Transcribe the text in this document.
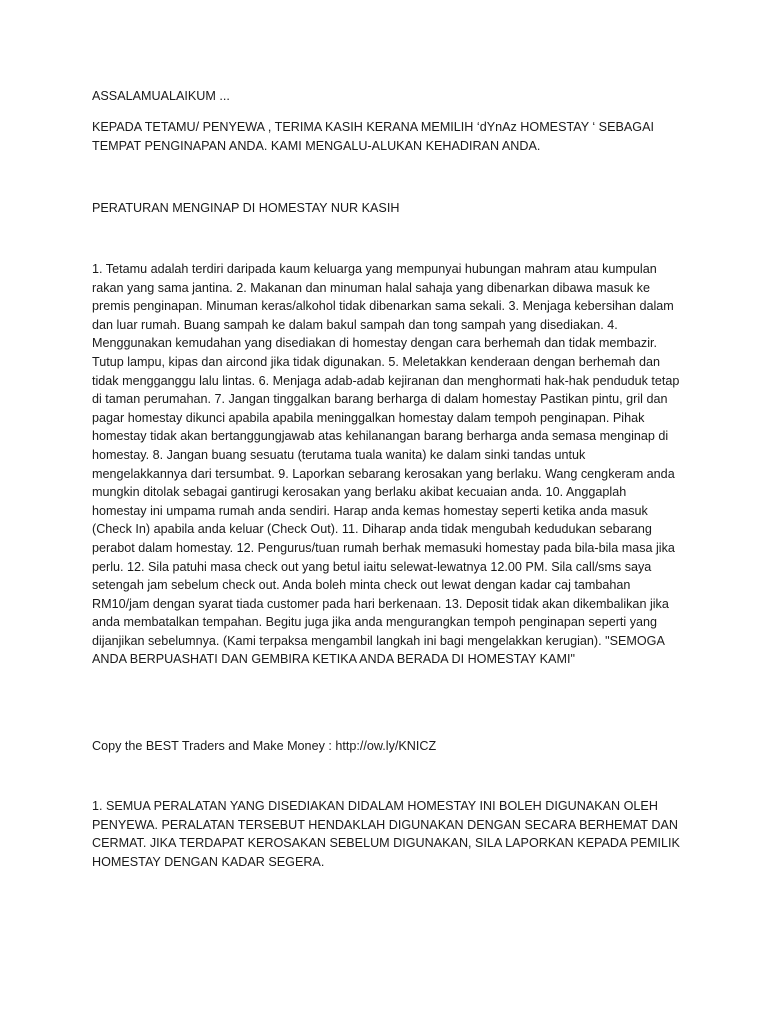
ASSALAMUALAIKUM ...

KEPADA TETAMU/ PENYEWA , TERIMA KASIH KERANA MEMILIH ‘dYnAz HOMESTAY ‘ SEBAGAI TEMPAT PENGINAPAN ANDA. KAMI MENGALU-ALUKAN KEHADIRAN ANDA.

PERATURAN MENGINAP DI HOMESTAY NUR KASIH

1. Tetamu adalah terdiri daripada kaum keluarga yang mempunyai hubungan mahram atau kumpulan rakan yang sama jantina. 2. Makanan dan minuman halal sahaja yang dibenarkan dibawa masuk ke premis penginapan. Minuman keras/alkohol tidak dibenarkan sama sekali. 3. Menjaga kebersihan dalam dan luar rumah. Buang sampah ke dalam bakul sampah dan tong sampah yang disediakan. 4. Menggunakan kemudahan yang disediakan di homestay dengan cara berhemah dan tidak membazir. Tutup lampu, kipas dan aircond jika tidak digunakan. 5. Meletakkan kenderaan dengan berhemah dan tidak mengganggu lalu lintas. 6. Menjaga adab-adab kejiranan dan menghormati hak-hak penduduk tetap di taman perumahan. 7. Jangan tinggalkan barang berharga di dalam homestay Pastikan pintu, gril dan pagar homestay dikunci apabila apabila meninggalkan homestay dalam tempoh penginapan. Pihak homestay tidak akan bertanggungjawab atas kehilanangan barang berharga anda semasa menginap di homestay. 8. Jangan buang sesuatu (terutama tuala wanita) ke dalam sinki tandas untuk mengelakkannya dari tersumbat. 9. Laporkan sebarang kerosakan yang berlaku. Wang cengkeram anda mungkin ditolak sebagai gantirugi kerosakan yang berlaku akibat kecuaian anda. 10. Anggaplah homestay ini umpama rumah anda sendiri. Harap anda kemas homestay seperti ketika anda masuk (Check In) apabila anda keluar (Check Out). 11. Diharap anda tidak mengubah kedudukan sebarang perabot dalam homestay. 12. Pengurus/tuan rumah berhak memasuki homestay pada bila-bila masa jika perlu. 12. Sila patuhi masa check out yang betul iaitu selewat-lewatnya 12.00 PM. Sila call/sms saya setengah jam sebelum check out. Anda boleh minta check out lewat dengan kadar caj tambahan RM10/jam dengan syarat tiada customer pada hari berkenaan. 13. Deposit tidak akan dikembalikan jika anda membatalkan tempahan. Begitu juga jika anda mengurangkan tempoh penginapan seperti yang dijanjikan sebelumnya. (Kami terpaksa mengambil langkah ini bagi mengelakkan kerugian). "SEMOGA ANDA BERPUASHATI DAN GEMBIRA KETIKA ANDA BERADA DI HOMESTAY KAMI"

Copy the BEST Traders and Make Money : http://ow.ly/KNICZ

1. SEMUA PERALATAN YANG DISEDIAKAN DIDALAM HOMESTAY INI BOLEH DIGUNAKAN OLEH PENYEWA. PERALATAN TERSEBUT HENDAKLAH DIGUNAKAN DENGAN SECARA BERHEMAT DAN CERMAT. JIKA TERDAPAT KEROSAKAN SEBELUM DIGUNAKAN, SILA LAPORKAN KEPADA PEMILIK HOMESTAY DENGAN KADAR SEGERA.
